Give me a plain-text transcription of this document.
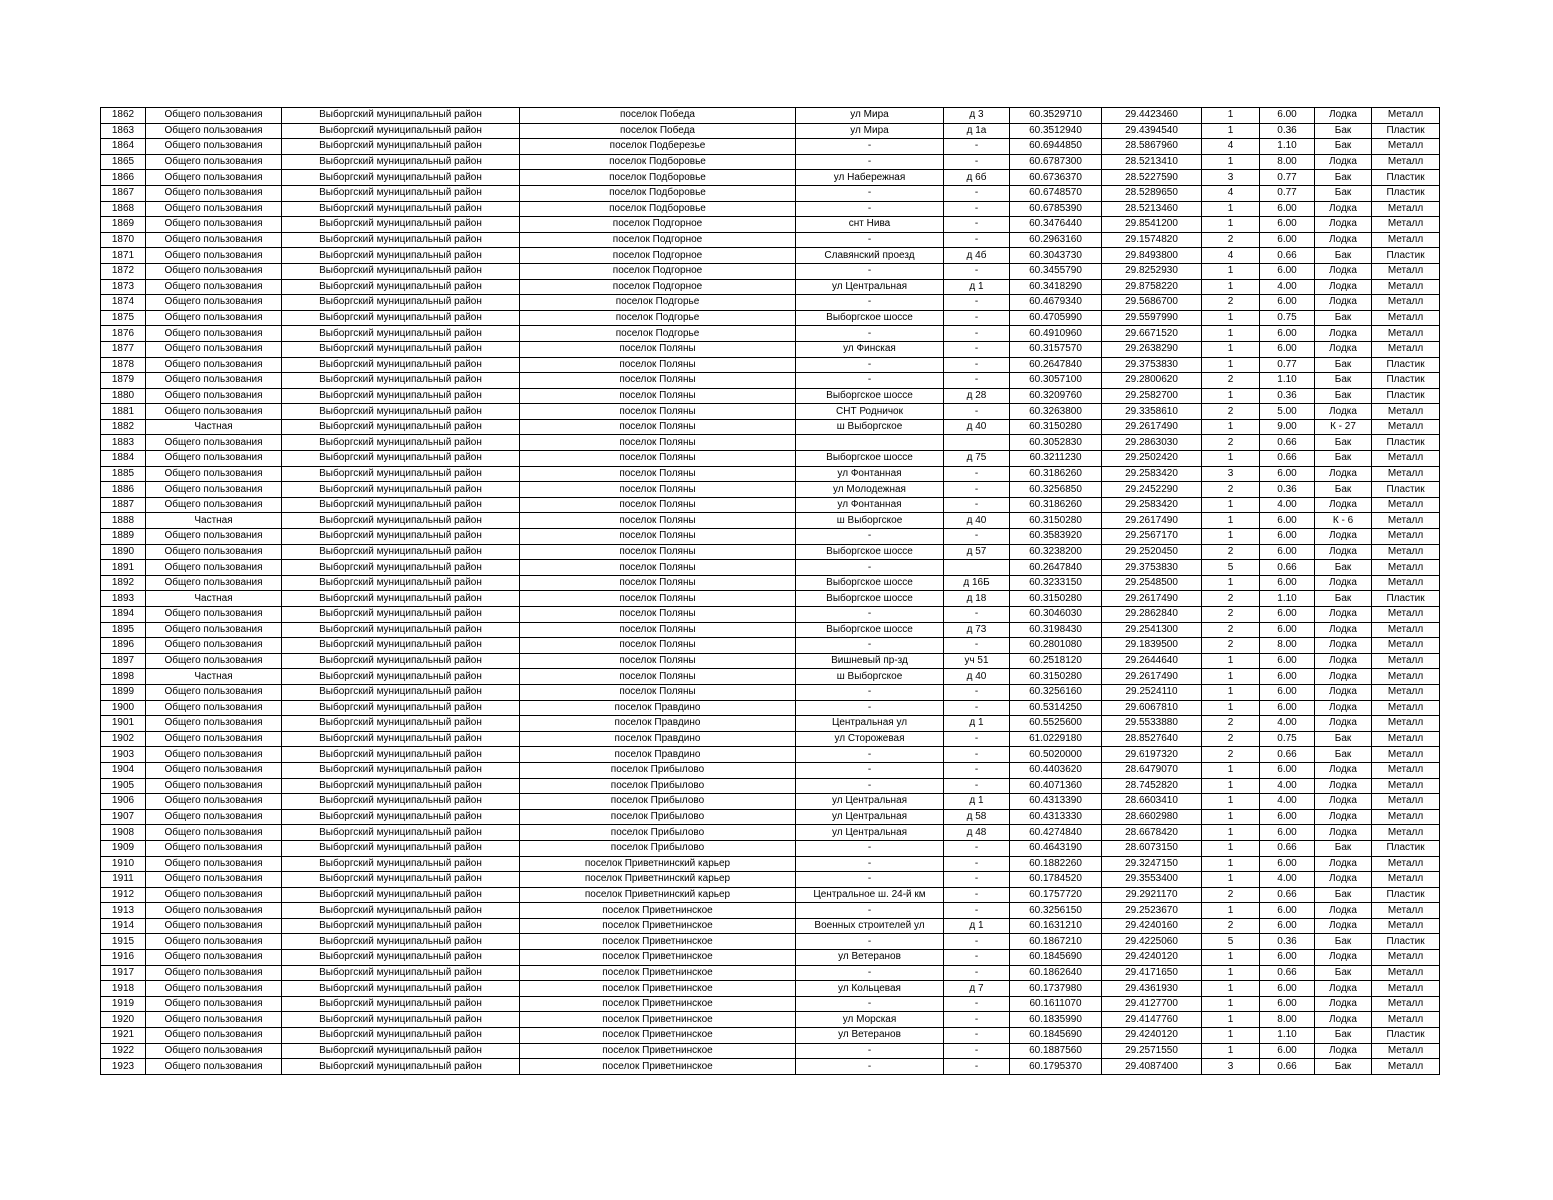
1862	Общего пользования	Выборгский муниципальный район	поселок Победа	ул Мира	д 3	60.3529710	29.4423460	1	6.00	Лодка	Металл
1863	Общего пользования	Выборгский муниципальный район	поселок Победа	ул Мира	д 1а	60.3512940	29.4394540	1	0.36	Бак	Пластик
1864	Общего пользования	Выборгский муниципальный район	поселок Подберезье	-	-	60.6944850	28.5867960	4	1.10	Бак	Металл
1865	Общего пользования	Выборгский муниципальный район	поселок Подборовье	-	-	60.6787300	28.5213410	1	8.00	Лодка	Металл
1866	Общего пользования	Выборгский муниципальный район	поселок Подборовье	ул Набережная	д 6б	60.6736370	28.5227590	3	0.77	Бак	Пластик
1867	Общего пользования	Выборгский муниципальный район	поселок Подборовье	-	-	60.6748570	28.5289650	4	0.77	Бак	Пластик
1868	Общего пользования	Выборгский муниципальный район	поселок Подборовье	-	-	60.6785390	28.5213460	1	6.00	Лодка	Металл
1869	Общего пользования	Выборгский муниципальный район	поселок Подгорное	снт Нива	-	60.3476440	29.8541200	1	6.00	Лодка	Металл
1870	Общего пользования	Выборгский муниципальный район	поселок Подгорное	-	-	60.2963160	29.1574820	2	6.00	Лодка	Металл
1871	Общего пользования	Выборгский муниципальный район	поселок Подгорное	Славянский проезд	д 4б	60.3043730	29.8493800	4	0.66	Бак	Пластик
1872	Общего пользования	Выборгский муниципальный район	поселок Подгорное	-	-	60.3455790	29.8252930	1	6.00	Лодка	Металл
1873	Общего пользования	Выборгский муниципальный район	поселок Подгорное	ул Центральная	д 1	60.3418290	29.8758220	1	4.00	Лодка	Металл
1874	Общего пользования	Выборгский муниципальный район	поселок Подгорье	-	-	60.4679340	29.5686700	2	6.00	Лодка	Металл
1875	Общего пользования	Выборгский муниципальный район	поселок Подгорье	Выборгское шоссе	-	60.4705990	29.5597990	1	0.75	Бак	Металл
1876	Общего пользования	Выборгский муниципальный район	поселок Подгорье	-	-	60.4910960	29.6671520	1	6.00	Лодка	Металл
1877	Общего пользования	Выборгский муниципальный район	поселок Поляны	ул Финская	-	60.3157570	29.2638290	1	6.00	Лодка	Металл
1878	Общего пользования	Выборгский муниципальный район	поселок Поляны	-	-	60.2647840	29.3753830	1	0.77	Бак	Пластик
1879	Общего пользования	Выборгский муниципальный район	поселок Поляны	-	-	60.3057100	29.2800620	2	1.10	Бак	Пластик
1880	Общего пользования	Выборгский муниципальный район	поселок Поляны	Выборгское шоссе	д 28	60.3209760	29.2582700	1	0.36	Бак	Пластик
1881	Общего пользования	Выборгский муниципальный район	поселок Поляны	СНТ Родничок	-	60.3263800	29.3358610	2	5.00	Лодка	Металл
1882	Частная	Выборгский муниципальный район	поселок Поляны	ш Выборгское	д 40	60.3150280	29.2617490	1	9.00	К - 27	Металл
1883	Общего пользования	Выборгский муниципальный район	поселок Поляны			60.3052830	29.2863030	2	0.66	Бак	Пластик
1884	Общего пользования	Выборгский муниципальный район	поселок Поляны	Выборгское шоссе	д 75	60.3211230	29.2502420	1	0.66	Бак	Металл
1885	Общего пользования	Выборгский муниципальный район	поселок Поляны	ул Фонтанная	-	60.3186260	29.2583420	3	6.00	Лодка	Металл
1886	Общего пользования	Выборгский муниципальный район	поселок Поляны	ул Молодежная	-	60.3256850	29.2452290	2	0.36	Бак	Пластик
1887	Общего пользования	Выборгский муниципальный район	поселок Поляны	ул Фонтанная	-	60.3186260	29.2583420	1	4.00	Лодка	Металл
1888	Частная	Выборгский муниципальный район	поселок Поляны	ш Выборгское	д 40	60.3150280	29.2617490	1	6.00	К - 6	Металл
1889	Общего пользования	Выборгский муниципальный район	поселок Поляны	-	-	60.3583920	29.2567170	1	6.00	Лодка	Металл
1890	Общего пользования	Выборгский муниципальный район	поселок Поляны	Выборгское шоссе	д 57	60.3238200	29.2520450	2	6.00	Лодка	Металл
1891	Общего пользования	Выборгский муниципальный район	поселок Поляны	-		60.2647840	29.3753830	5	0.66	Бак	Металл
1892	Общего пользования	Выборгский муниципальный район	поселок Поляны	Выборгское шоссе	д 16Б	60.3233150	29.2548500	1	6.00	Лодка	Металл
1893	Частная	Выборгский муниципальный район	поселок Поляны	Выборгское шоссе	д 18	60.3150280	29.2617490	2	1.10	Бак	Пластик
1894	Общего пользования	Выборгский муниципальный район	поселок Поляны	-	-	60.3046030	29.2862840	2	6.00	Лодка	Металл
1895	Общего пользования	Выборгский муниципальный район	поселок Поляны	Выборгское шоссе	д 73	60.3198430	29.2541300	2	6.00	Лодка	Металл
1896	Общего пользования	Выборгский муниципальный район	поселок Поляны	-	-	60.2801080	29.1839500	2	8.00	Лодка	Металл
1897	Общего пользования	Выборгский муниципальный район	поселок Поляны	Вишневый пр-зд	уч 51	60.2518120	29.2644640	1	6.00	Лодка	Металл
1898	Частная	Выборгский муниципальный район	поселок Поляны	ш Выборгское	д 40	60.3150280	29.2617490	1	6.00	Лодка	Металл
1899	Общего пользования	Выборгский муниципальный район	поселок Поляны	-	-	60.3256160	29.2524110	1	6.00	Лодка	Металл
1900	Общего пользования	Выборгский муниципальный район	поселок Правдино	-	-	60.5314250	29.6067810	1	6.00	Лодка	Металл
1901	Общего пользования	Выборгский муниципальный район	поселок Правдино	Центральная ул	д 1	60.5525600	29.5533880	2	4.00	Лодка	Металл
1902	Общего пользования	Выборгский муниципальный район	поселок Правдино	ул Сторожевая	-	61.0229180	28.8527640	2	0.75	Бак	Металл
1903	Общего пользования	Выборгский муниципальный район	поселок Правдино	-	-	60.5020000	29.6197320	2	0.66	Бак	Металл
1904	Общего пользования	Выборгский муниципальный район	поселок Прибылово	-	-	60.4403620	28.6479070	1	6.00	Лодка	Металл
1905	Общего пользования	Выборгский муниципальный район	поселок Прибылово	-	-	60.4071360	28.7452820	1	4.00	Лодка	Металл
1906	Общего пользования	Выборгский муниципальный район	поселок Прибылово	ул Центральная	д 1	60.4313390	28.6603410	1	4.00	Лодка	Металл
1907	Общего пользования	Выборгский муниципальный район	поселок Прибылово	ул Центральная	д 58	60.4313330	28.6602980	1	6.00	Лодка	Металл
1908	Общего пользования	Выборгский муниципальный район	поселок Прибылово	ул Центральная	д 48	60.4274840	28.6678420	1	6.00	Лодка	Металл
1909	Общего пользования	Выборгский муниципальный район	поселок Прибылово	-	-	60.4643190	28.6073150	1	0.66	Бак	Пластик
1910	Общего пользования	Выборгский муниципальный район	поселок Приветнинский карьер	-	-	60.1882260	29.3247150	1	6.00	Лодка	Металл
1911	Общего пользования	Выборгский муниципальный район	поселок Приветнинский карьер	-	-	60.1784520	29.3553400	1	4.00	Лодка	Металл
1912	Общего пользования	Выборгский муниципальный район	поселок Приветнинский карьер	Центральное ш. 24-й км	-	60.1757720	29.2921170	2	0.66	Бак	Пластик
1913	Общего пользования	Выборгский муниципальный район	поселок Приветнинское	-	-	60.3256150	29.2523670	1	6.00	Лодка	Металл
1914	Общего пользования	Выборгский муниципальный район	поселок Приветнинское	Военных строителей ул	д 1	60.1631210	29.4240160	2	6.00	Лодка	Металл
1915	Общего пользования	Выборгский муниципальный район	поселок Приветнинское	-	-	60.1867210	29.4225060	5	0.36	Бак	Пластик
1916	Общего пользования	Выборгский муниципальный район	поселок Приветнинское	ул Ветеранов	-	60.1845690	29.4240120	1	6.00	Лодка	Металл
1917	Общего пользования	Выборгский муниципальный район	поселок Приветнинское	-	-	60.1862640	29.4171650	1	0.66	Бак	Металл
1918	Общего пользования	Выборгский муниципальный район	поселок Приветнинское	ул Кольцевая	д 7	60.1737980	29.4361930	1	6.00	Лодка	Металл
1919	Общего пользования	Выборгский муниципальный район	поселок Приветнинское	-	-	60.1611070	29.4127700	1	6.00	Лодка	Металл
1920	Общего пользования	Выборгский муниципальный район	поселок Приветнинское	ул Морская	-	60.1835990	29.4147760	1	8.00	Лодка	Металл
1921	Общего пользования	Выборгский муниципальный район	поселок Приветнинское	ул Ветеранов	-	60.1845690	29.4240120	1	1.10	Бак	Пластик
1922	Общего пользования	Выборгский муниципальный район	поселок Приветнинское	-	-	60.1887560	29.2571550	1	6.00	Лодка	Металл
1923	Общего пользования	Выборгский муниципальный район	поселок Приветнинское	-	-	60.1795370	29.4087400	3	0.66	Бак	Металл
